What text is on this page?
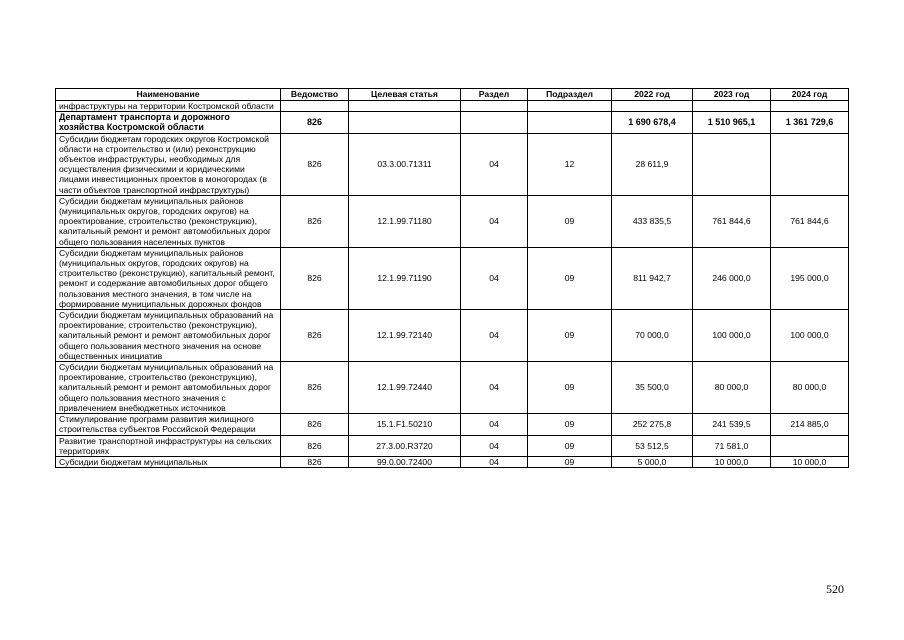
Наименование	Ведомство	Целевая статья	Раздел	Подраздел	2022 год	2023 год	2024 год
инфраструктуры на территории Костромской области							
Департамент транспорта и дорожного хозяйства Костромской области	826				1 690 678,4	1 510 965,1	1 361 729,6
Субсидии бюджетам городских округов Костромской области на строительство и (или) реконструкцию объектов инфраструктуры, необходимых для осуществления физическими и юридическими лицами инвестиционных проектов в моногородах (в части объектов транспортной инфраструктуры)	826	03.3.00.71311	04	12	28 611,9		
Субсидии бюджетам муниципальных районов (муниципальных округов, городских округов) на проектирование, строительство (реконструкцию), капитальный ремонт и ремонт автомобильных дорог общего пользования населенных пунктов	826	12.1.99.71180	04	09	433 835,5	761 844,6	761 844,6
Субсидии бюджетам муниципальных районов (муниципальных округов, городских округов) на строительство (реконструкцию), капитальный ремонт, ремонт и содержание автомобильных дорог общего пользования местного значения, в том числе на формирование муниципальных дорожных фондов	826	12.1.99.71190	04	09	811 942,7	246 000,0	195 000,0
Субсидии бюджетам муниципальных образований на проектирование, строительство (реконструкцию), капитальный ремонт и ремонт автомобильных дорог общего пользования местного значения на основе общественных инициатив	826	12.1.99.72140	04	09	70 000,0	100 000,0	100 000,0
Субсидии бюджетам муниципальных образований на проектирование, строительство (реконструкцию), капитальный ремонт и ремонт автомобильных дорог общего пользования местного значения с привлечением внебюджетных источников	826	12.1.99.72440	04	09	35 500,0	80 000,0	80 000,0
Стимулирование программ развития жилищного строительства субъектов Российской Федерации	826	15.1.F1.50210	04	09	252 275,8	241 539,5	214 885,0
Развитие транспортной инфраструктуры на сельских территориях	826	27.3.00.R3720	04	09	53 512,5	71 581,0	
Субсидии бюджетам муниципальных	826	99.0.00.72400	04	09	5 000,0	10 000,0	10 000,0
520
